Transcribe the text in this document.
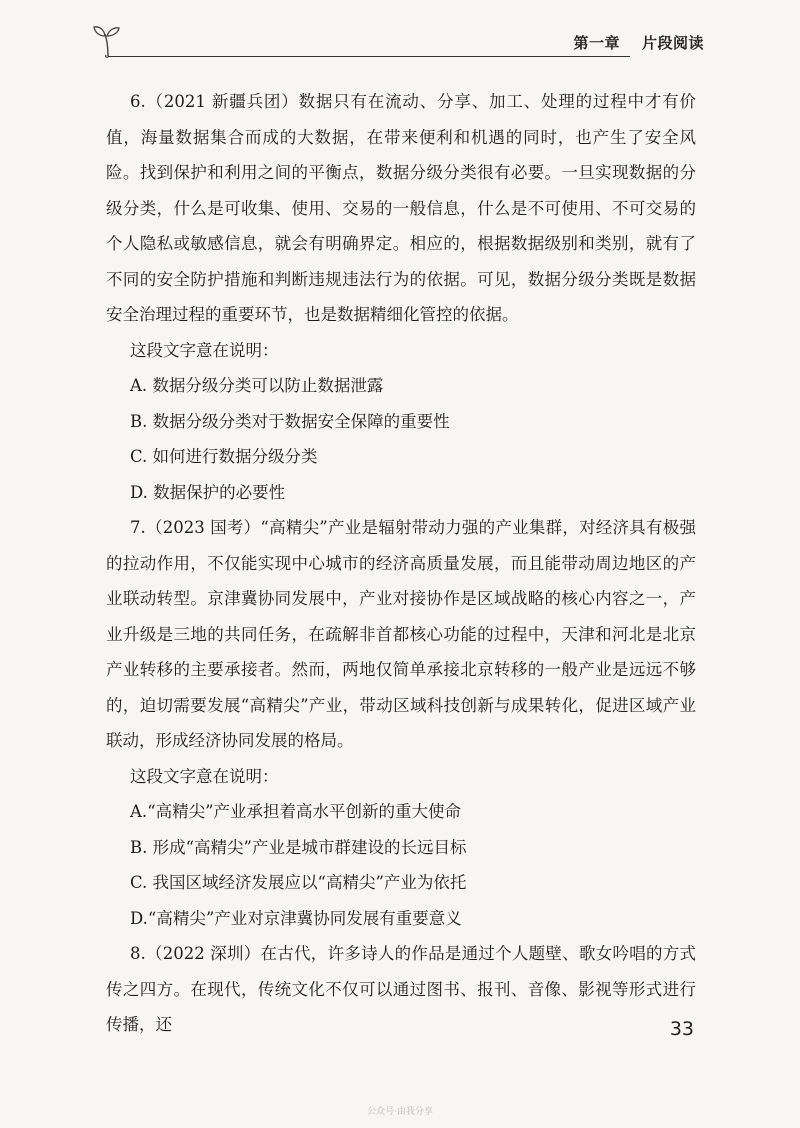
第一章 片段阅读

6.（2021 新疆兵团）数据只有在流动、分享、加工、处理的过程中才有价值，海量数据集合而成的大数据，在带来便利和机遇的同时，也产生了安全风险。找到保护和利用之间的平衡点，数据分级分类很有必要。一旦实现数据的分级分类，什么是可收集、使用、交易的一般信息，什么是不可使用、不可交易的个人隐私或敏感信息，就会有明确界定。相应的，根据数据级别和类别，就有了不同的安全防护措施和判断违规违法行为的依据。可见，数据分级分类既是数据安全治理过程的重要环节，也是数据精细化管控的依据。

这段文字意在说明：

A. 数据分级分类可以防止数据泄露

B. 数据分级分类对于数据安全保障的重要性

C. 如何进行数据分级分类

D. 数据保护的必要性

7.（2023 国考）“高精尖”产业是辐射带动力强的产业集群，对经济具有极强的拉动作用，不仅能实现中心城市的经济高质量发展，而且能带动周边地区的产业联动转型。京津冀协同发展中，产业对接协作是区域战略的核心内容之一，产业升级是三地的共同任务，在疏解非首都核心功能的过程中，天津和河北是北京产业转移的主要承接者。然而，两地仅简单承接北京转移的一般产业是远远不够的，迫切需要发展“高精尖”产业，带动区域科技创新与成果转化，促进区域产业联动，形成经济协同发展的格局。

这段文字意在说明：

A.“高精尖”产业承担着高水平创新的重大使命

B. 形成“高精尖”产业是城市群建设的长远目标

C. 我国区域经济发展应以“高精尖”产业为依托

D.“高精尖”产业对京津冀协同发展有重要意义

8.（2022 深圳）在古代，许多诗人的作品是通过个人题壁、歌女吟唱的方式传之四方。在现代，传统文化不仅可以通过图书、报刊、音像、影视等形式进行传播，还	33
公众号·由我分享
